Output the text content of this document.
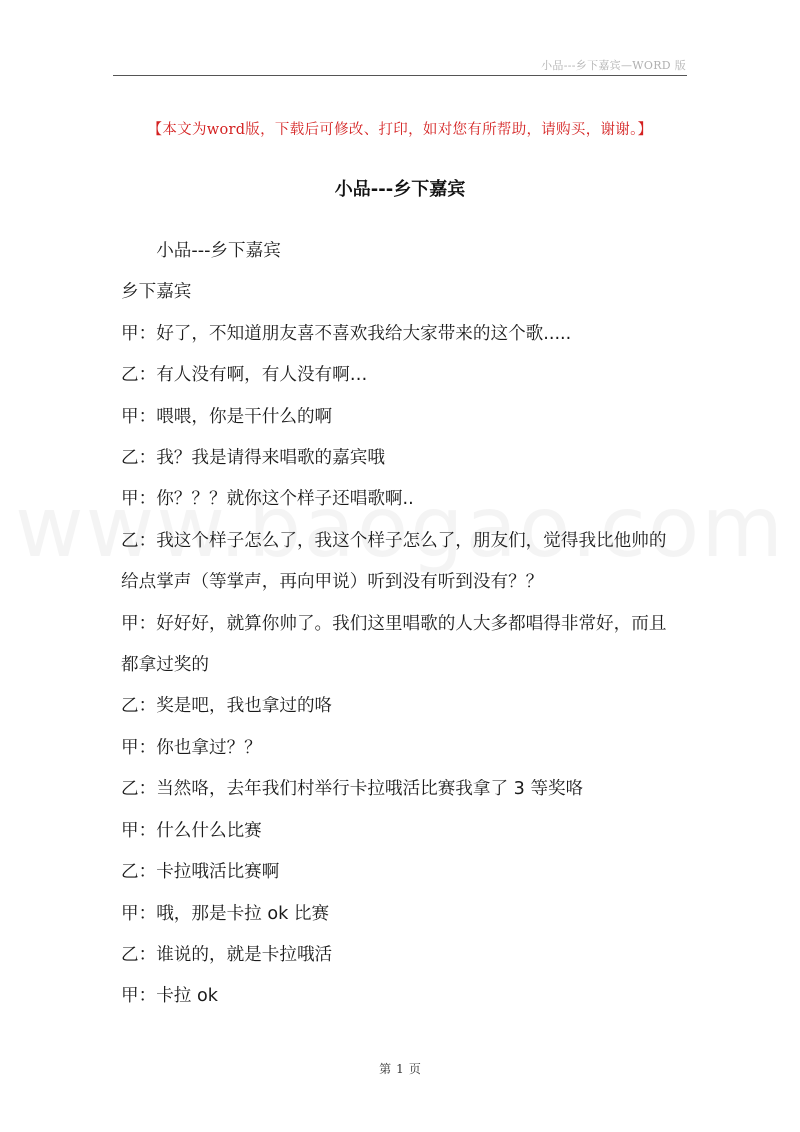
小品---乡下嘉宾—WORD 版
【本文为word版，下载后可修改、打印，如对您有所帮助，请购买，谢谢。】
小品---乡下嘉宾

小品---乡下嘉宾

乡下嘉宾

甲：好了，不知道朋友喜不喜欢我给大家带来的这个歌.....

乙：有人没有啊，有人没有啊…

甲：喂喂，你是干什么的啊

乙：我？我是请得来唱歌的嘉宾哦

甲：你？？？就你这个样子还唱歌啊..

乙：我这个样子怎么了，我这个样子怎么了，朋友们，觉得我比他帅的给点掌声（等掌声，再向甲说）听到没有听到没有？？

甲：好好好，就算你帅了。我们这里唱歌的人大多都唱得非常好，而且都拿过奖的

乙：奖是吧，我也拿过的咯

甲：你也拿过？？

乙：当然咯，去年我们村举行卡拉哦活比赛我拿了 3 等奖咯

甲：什么什么比赛

乙：卡拉哦活比赛啊

甲：哦，那是卡拉 ok 比赛

乙：谁说的，就是卡拉哦活

甲：卡拉 ok

第 1 页
